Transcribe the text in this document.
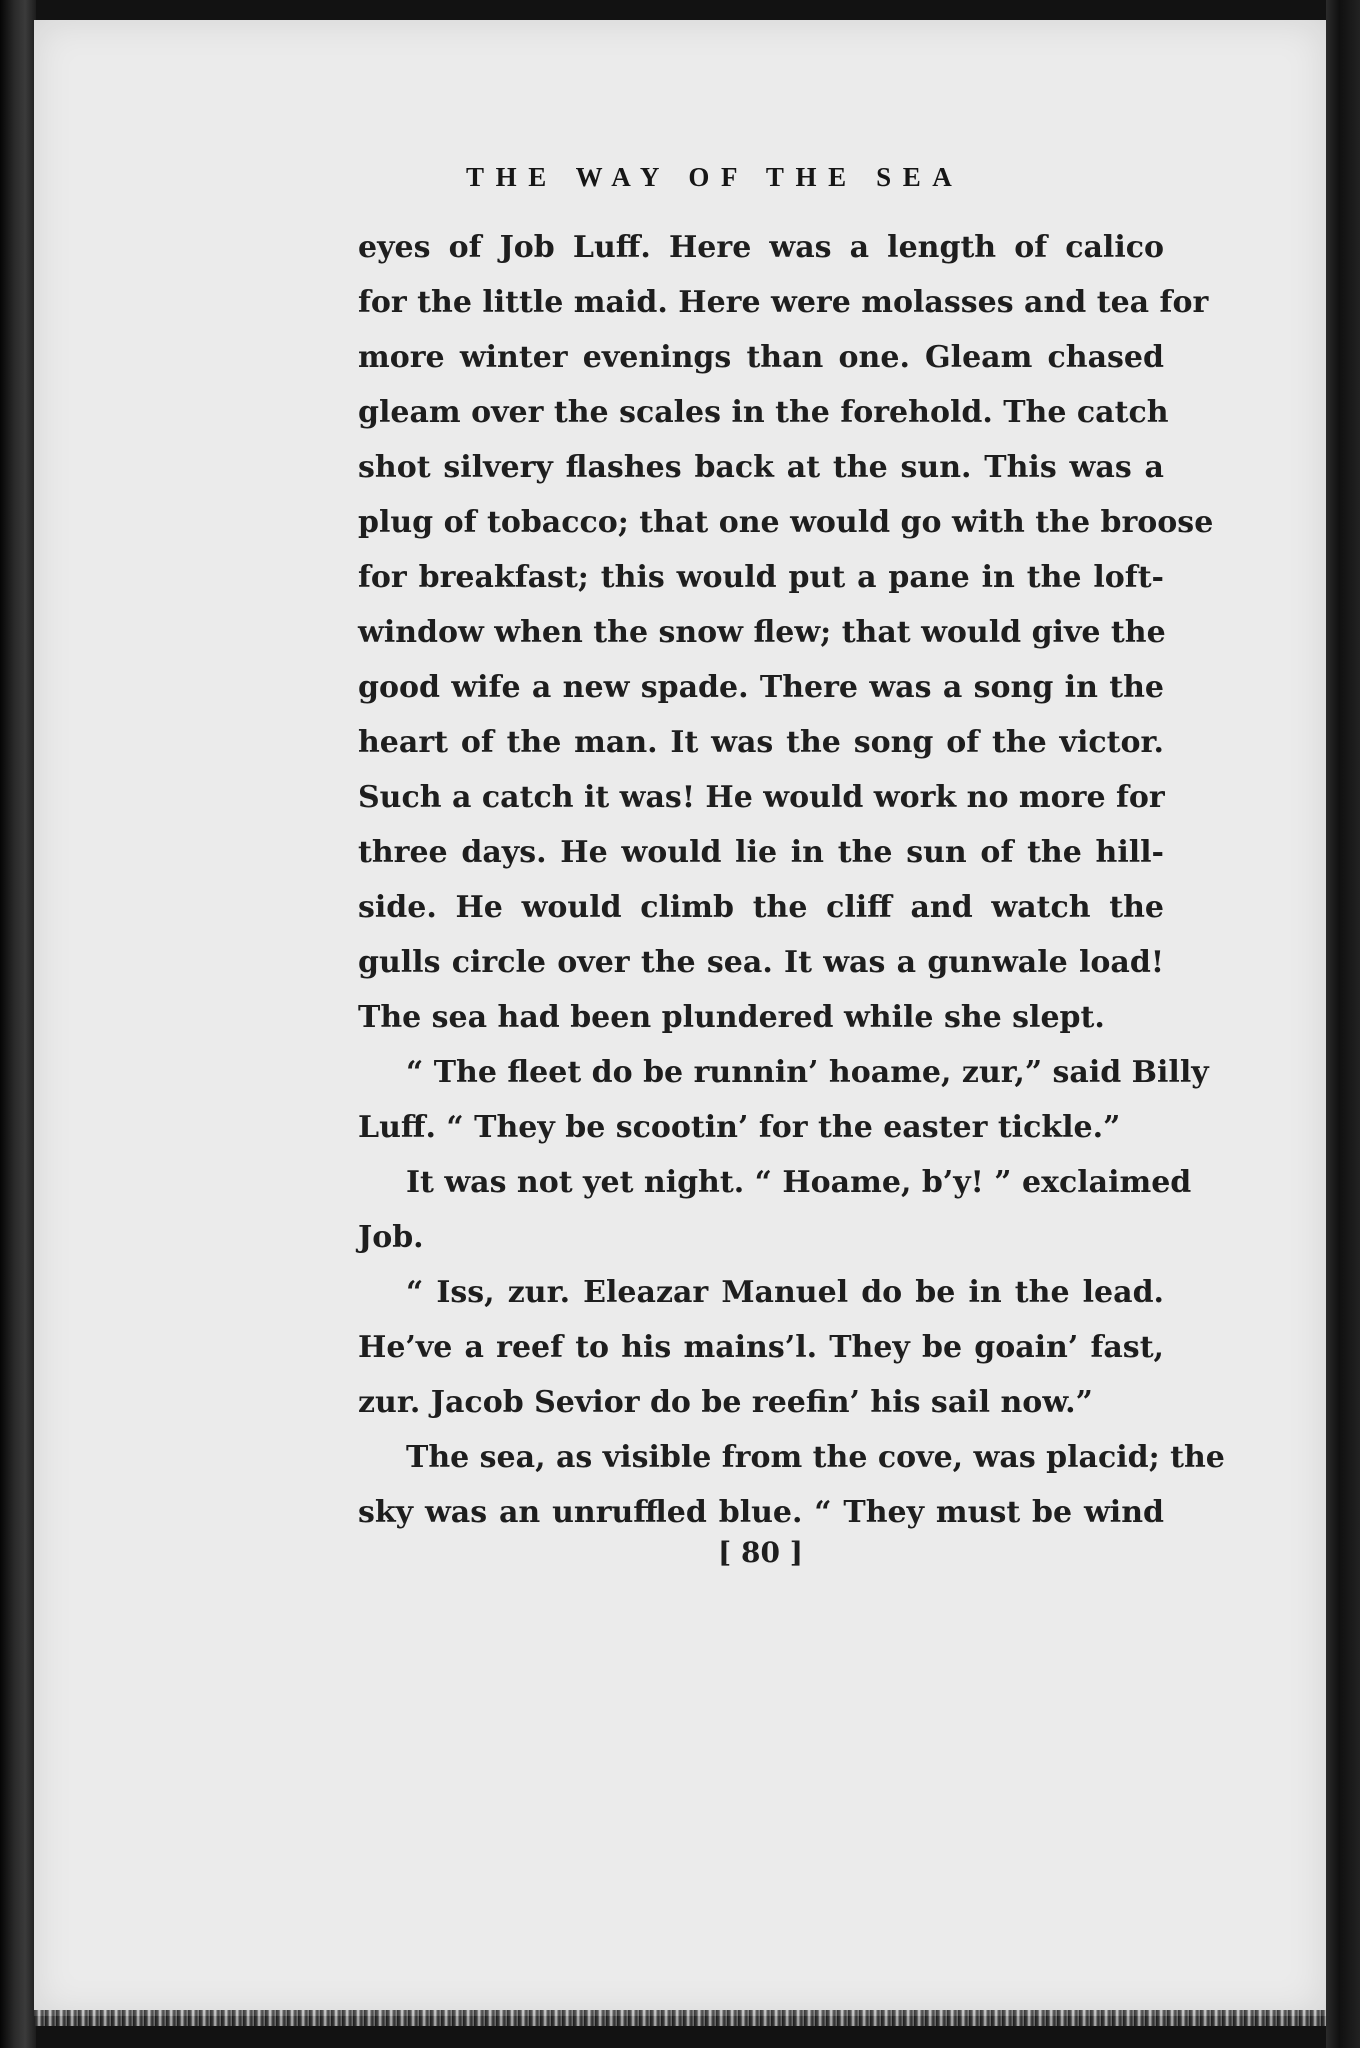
THE WAY OF THE SEA
eyes of Job Luff. Here was a length of calico
for the little maid. Here were molasses and tea for
more winter evenings than one. Gleam chased
gleam over the scales in the forehold. The catch
shot silvery flashes back at the sun. This was a
plug of tobacco; that one would go with the broose
for breakfast; this would put a pane in the loft-
window when the snow flew; that would give the
good wife a new spade. There was a song in the
heart of the man. It was the song of the victor.
Such a catch it was! He would work no more for
three days. He would lie in the sun of the hill-
side. He would climb the cliff and watch the
gulls circle over the sea. It was a gunwale load!
The sea had been plundered while she slept.
“ The fleet do be runnin’ hoame, zur,” said Billy
Luff. “ They be scootin’ for the easter tickle.”
It was not yet night. “ Hoame, b’y! ” exclaimed
Job.
“ Iss, zur. Eleazar Manuel do be in the lead.
He’ve a reef to his mains’l. They be goain’ fast,
zur. Jacob Sevior do be reefin’ his sail now.”
The sea, as visible from the cove, was placid; the
sky was an unruffled blue. “ They must be wind
[ 80 ]
